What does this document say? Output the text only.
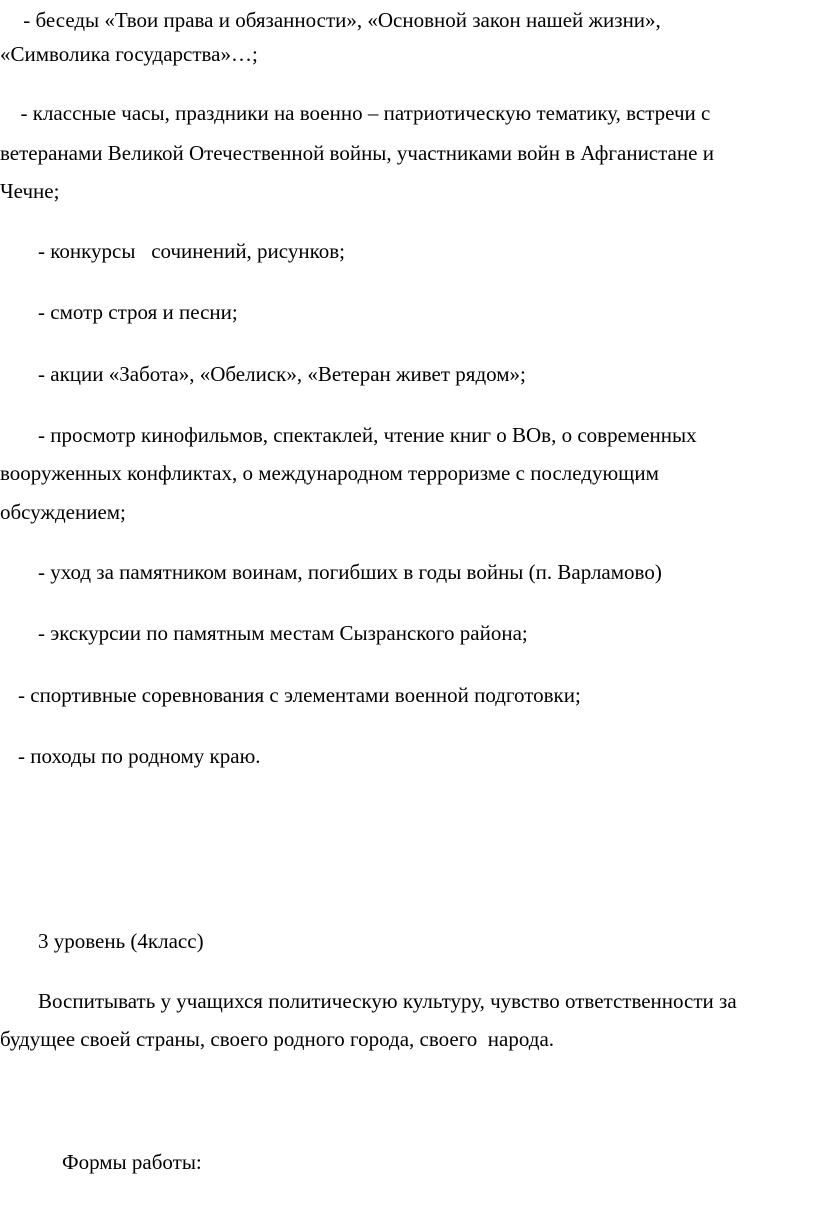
- беседы «Твои права и обязанности», «Основной закон нашей жизни»,
«Символика государства»…;
- классные часы, праздники на военно – патриотическую тематику, встречи с
ветеранами Великой Отечественной войны, участниками войн в Афганистане и
Чечне;
- конкурсы   сочинений, рисунков;
- смотр строя и песни;
- акции «Забота», «Обелиск», «Ветеран живет рядом»;
- просмотр кинофильмов, спектаклей, чтение книг о ВОв, о современных
вооруженных конфликтах, о международном терроризме с последующим
обсуждением;
- уход за памятником воинам, погибших в годы войны (п. Варламово)
- экскурсии по памятным местам Сызранского района;
- спортивные соревнования с элементами военной подготовки;
- походы по родному краю.
3 уровень (4класс)
Воспитывать у учащихся политическую культуру, чувство ответственности за
будущее своей страны, своего родного города, своего  народа.
Формы работы:
